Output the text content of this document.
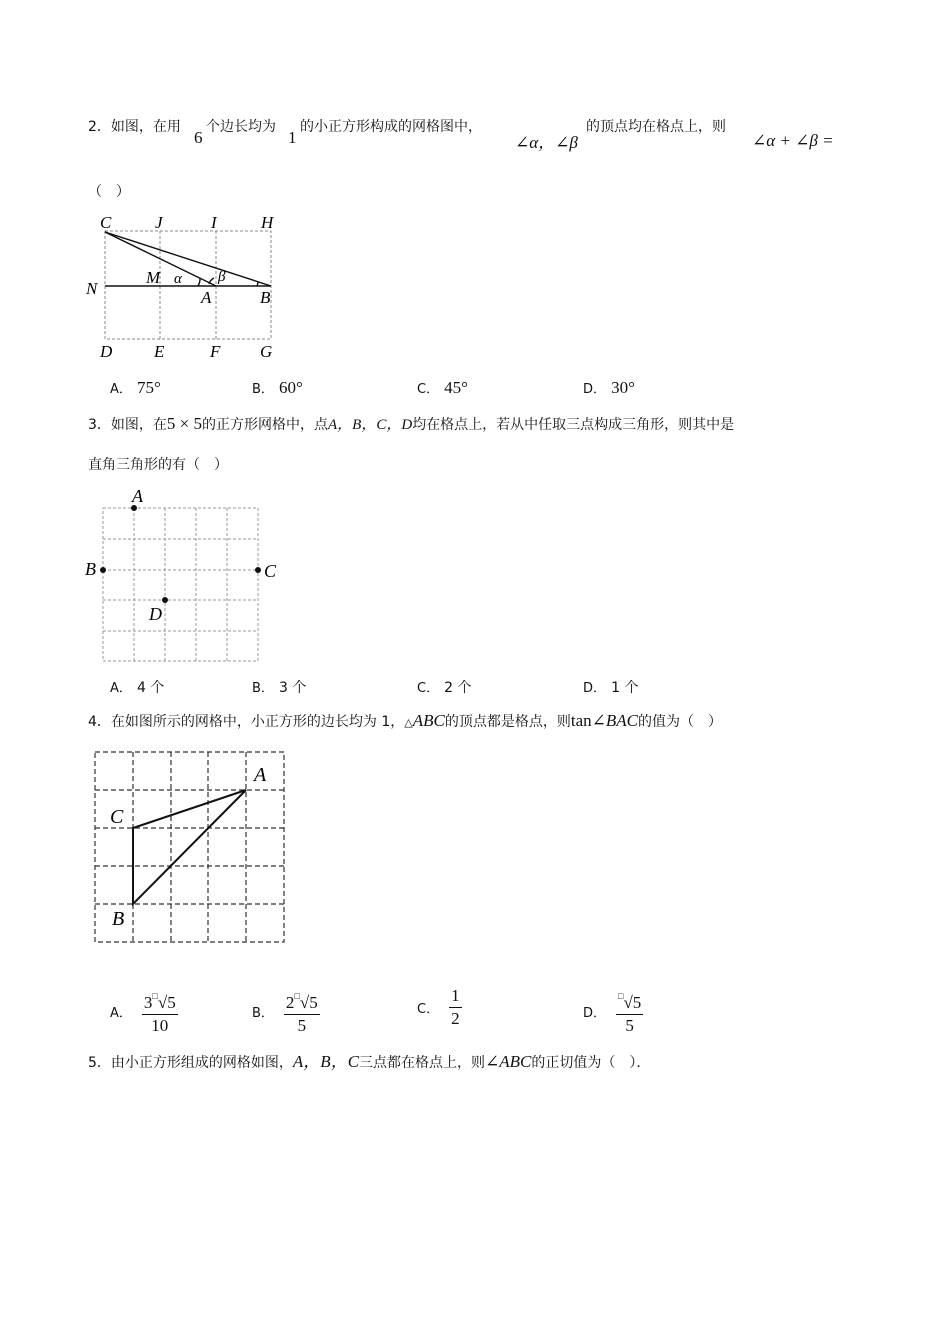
2．如图，在用
6
个边长均为
1
的小正方形构成的网格图中，
∠α，∠β
的顶点均在格点上，则
∠α + ∠β =
（　）
C	J	I	H
N
M α β
A	B
D E	F G
A． 75°	B． 60°	C． 45°	D． 30°
3．如图，在5 × 5的正方形网格中，点A，B，C，D均在格点上，若从中任取三点构成三角形，则其中是
直角三角形的有（　）
A
B	C
D
A． 4 个	B． 3 个	C． 2 个	D． 1 个
4．在如图所示的网格中，小正方形的边长均为 1，△ABC的顶点都是格点，则tan∠BAC的值为（　）
A
C
B
A． $\frac{3^□√5}{10}$	B． $\frac{2^□√5}{5}$	C． $\frac{1}{2}$	D． $\frac{^□√5}{5}$
5．由小正方形组成的网格如图，A，B，C三点都在格点上，则∠ABC的正切值为（　）．
